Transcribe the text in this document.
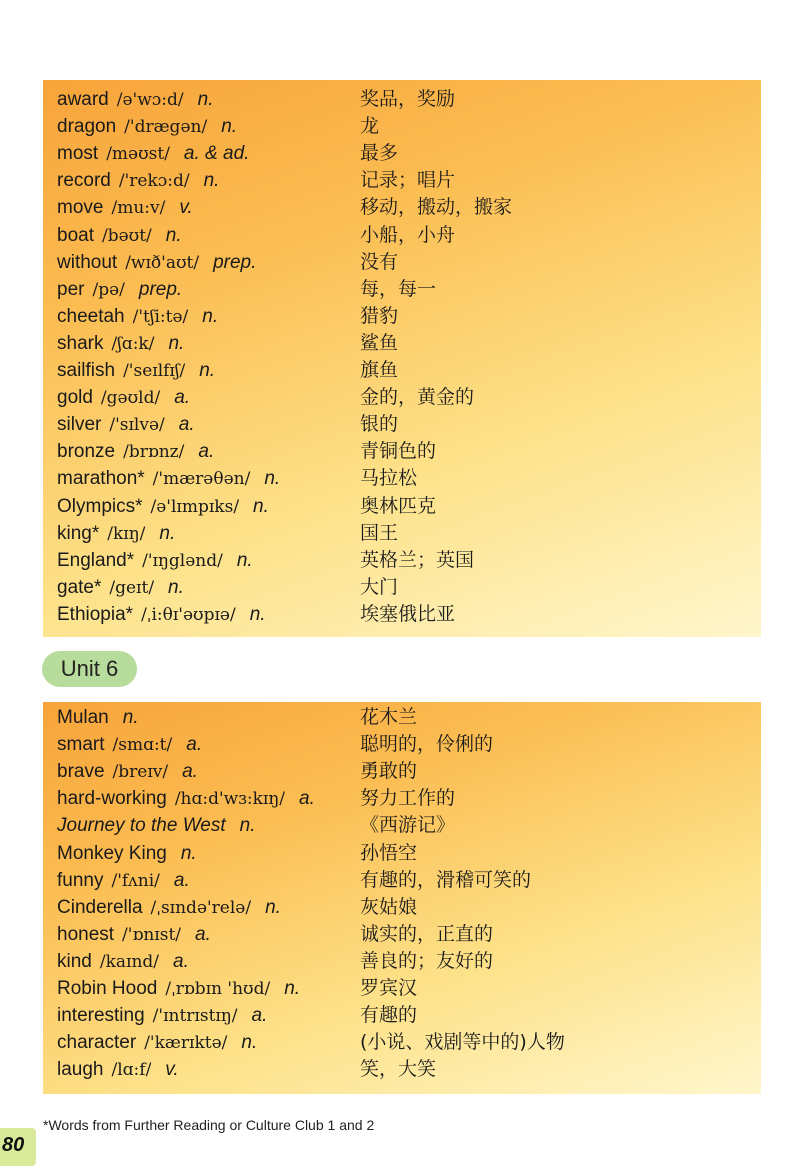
award /ə'wɔ:d/ n.	奖品，奖励
dragon /'drægən/ n.	龙
most /məʊst/ a. & ad.	最多
record /'rekɔ:d/ n.	记录；唱片
move /mu:v/ v.	移动，搬动，搬家
boat /bəʊt/ n.	小船，小舟
without /wɪð'aʊt/ prep.	没有
per /pə/ prep.	每，每一
cheetah /'tʃi:tə/ n.	猎豹
shark /ʃɑ:k/ n.	鲨鱼
sailfish /'seɪlfɪʃ/ n.	旗鱼
gold /gəʊld/ a.	金的，黄金的
silver /'sɪlvə/ a.	银的
bronze /brɒnz/ a.	青铜色的
marathon* /'mærəθən/ n.	马拉松
Olympics* /ə'lɪmpɪks/ n.	奥林匹克
king* /kɪŋ/ n.	国王
England* /'ɪŋglənd/ n.	英格兰；英国
gate* /geɪt/ n.	大门
Ethiopia* /ˌi:θɪ'əʊpɪə/ n.	埃塞俄比亚
Unit 6
Mulan n.	花木兰
smart /smɑ:t/ a.	聪明的，伶俐的
brave /breɪv/ a.	勇敢的
hard-working /hɑ:d'wɜ:kɪŋ/ a. 努力工作的
Journey to the West n.	《西游记》
Monkey King n.	孙悟空
funny /'fʌni/ a.	有趣的，滑稽可笑的
Cinderella /ˌsɪndə'relə/ n.	灰姑娘
honest /'ɒnɪst/ a.	诚实的，正直的
kind /kaɪnd/ a.	善良的；友好的
Robin Hood /ˌrɒbɪn 'hʊd/ n.	罗宾汉
interesting /'ɪntrɪstɪŋ/ a.	有趣的
character /'kærɪktə/ n.	(小说、戏剧等中的)人物
laugh /lɑ:f/ v.	笑，大笑
*Words from Further Reading or Culture Club 1 and 2
80
